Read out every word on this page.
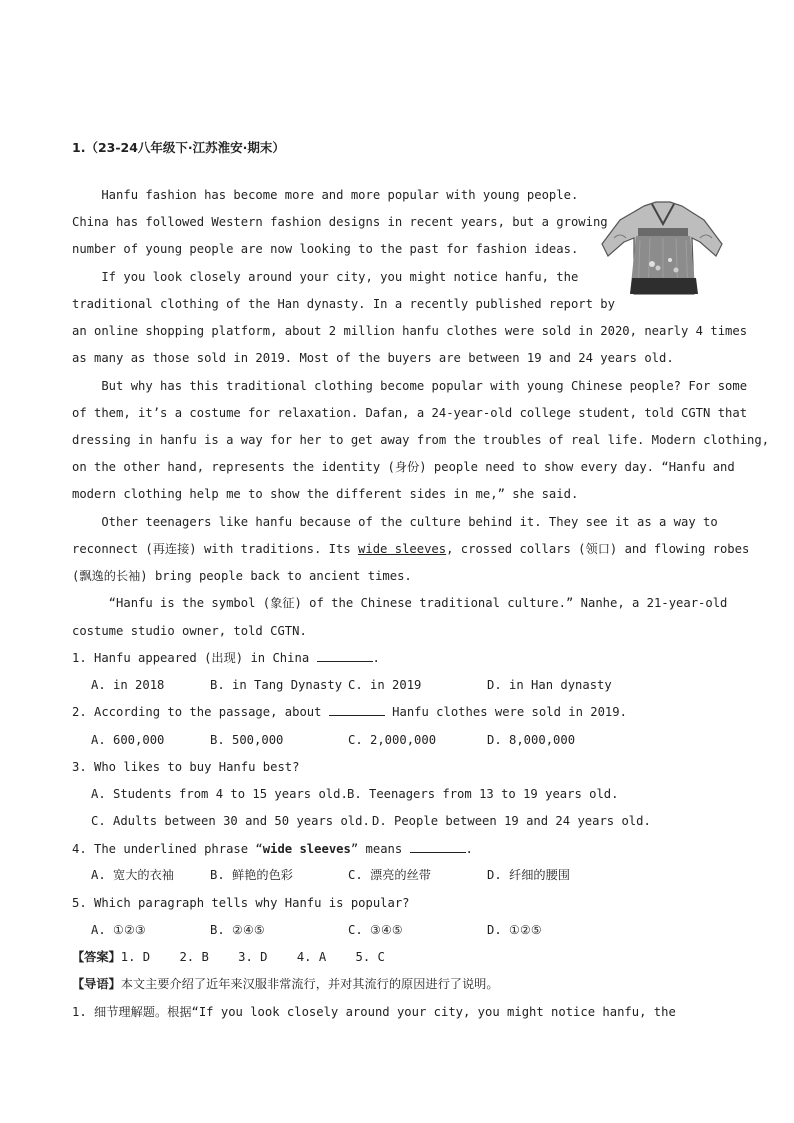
1.（23-24八年级下·江苏淮安·期末）
Hanfu fashion has become more and more popular with young people.
China has followed Western fashion designs in recent years, but a growing
number of young people are now looking to the past for fashion ideas.
If you look closely around your city, you might notice hanfu, the
traditional clothing of the Han dynasty. In a recently published report by
an online shopping platform, about 2 million hanfu clothes were sold in 2020, nearly 4 times
as many as those sold in 2019. Most of the buyers are between 19 and 24 years old.
But why has this traditional clothing become popular with young Chinese people? For some
of them, it’s a costume for relaxation. Dafan, a 24-year-old college student, told CGTN that
dressing in hanfu is a way for her to get away from the troubles of real life. Modern clothing,
on the other hand, represents the identity (身份) people need to show every day. “Hanfu and
modern clothing help me to show the different sides in me,” she said.
Other teenagers like hanfu because of the culture behind it. They see it as a way to
reconnect (再连接) with traditions. Its wide sleeves, crossed collars (领口) and flowing robes
(飘逸的长袖) bring people back to ancient times.
“Hanfu is the symbol (象征) of the Chinese traditional culture.” Nanhe, a 21-year-old
costume studio owner, told CGTN.
1. Hanfu appeared (出现) in China	.
A. in 2018	B. in Tang Dynasty C. in 2019	D. in Han dynasty
2. According to the passage, about	Hanfu clothes were sold in 2019.
A. 600,000	B. 500,000	C. 2,000,000	D. 8,000,000
3. Who likes to buy Hanfu best?
A. Students from 4 to 15 years old. B. Teenagers from 13 to 19 years old.
C. Adults between 30 and 50 years old. D. People between 19 and 24 years old.
4. The underlined phrase “wide sleeves” means	.
A. 宽大的衣袖	B. 鲜艳的色彩	C. 漂亮的丝带	D. 纤细的腰围
5. Which paragraph tells why Hanfu is popular?
A. ①②③	B. ②④⑤	C. ③④⑤	D. ①②⑤
【答案】1. D    2. B    3. D    4. A    5. C
【导语】本文主要介绍了近年来汉服非常流行，并对其流行的原因进行了说明。
1. 细节理解题。根据“If you look closely around your city, you might notice hanfu, the
